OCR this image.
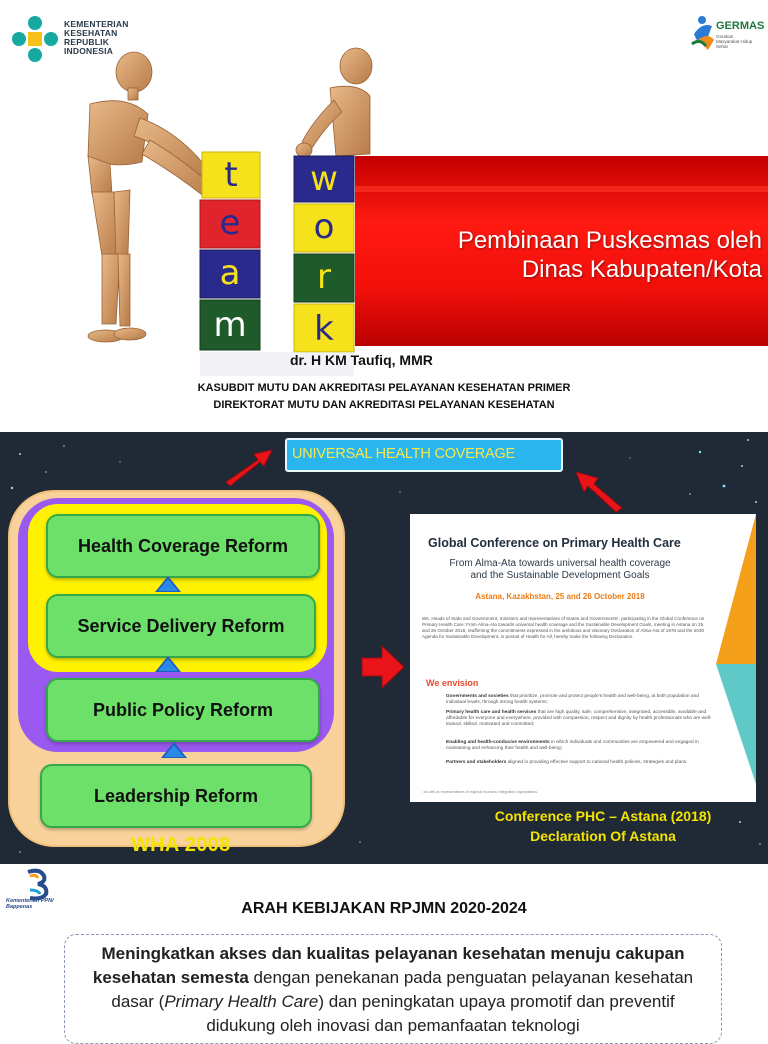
KEMENTERIAN
KESEHATAN
REPUBLIK
INDONESIA
GERMAS
Gerakan Masyarakat Hidup Sehat
t
e
a
m
w
o
r
k
Pembinaan Puskesmas oleh
Dinas Kabupaten/Kota
dr. H KM Taufiq, MMR
KASUBDIT MUTU DAN AKREDITASI PELAYANAN KESEHATAN PRIMER
DIREKTORAT MUTU DAN AKREDITASI PELAYANAN KESEHATAN
UNIVERSAL HEALTH COVERAGE
Health Coverage Reform
Service Delivery Reform
Public Policy Reform
Leadership Reform
WHA 2008
Global Conference on Primary Health Care
From Alma-Ata towards universal health coverage
and the Sustainable Development Goals
Astana, Kazakhstan, 25 and 26 October 2018
We, Heads of State and Government, ministers and representatives of States and Governments¹, participating in the Global Conference on Primary Health Care: From Alma-Ata towards universal health coverage and the Sustainable Development Goals, meeting in Astana on 25 and 26 October 2018, reaffirming the commitments expressed in the ambitious and visionary Declaration of Alma-Ata of 1978 and the 2030 Agenda for Sustainable Development, in pursuit of Health for All, hereby make the following Declaration.
We envision
Governments and societies that prioritize, promote and protect people's health and well-being, at both population and individual levels, through strong health systems;
Primary health care and health services that are high quality, safe, comprehensive, integrated, accessible, available and affordable for everyone and everywhere, provided with compassion, respect and dignity by health professionals who are well-trained, skilled, motivated and committed;
Enabling and health-conducive environments in which individuals and communities are empowered and engaged in maintaining and enhancing their health and well-being;
Partners and stakeholders aligned in providing effective support to national health policies, strategies and plans.
¹ As well as representatives of regional economic integration organizations.
Conference PHC – Astana (2018)
Declaration Of Astana
Kementerian PPN/
Bappenas	ARAH KEBIJAKAN RPJMN 2020-2024
Meningkatkan akses dan kualitas pelayanan kesehatan menuju cakupan kesehatan semesta dengan penekanan pada penguatan pelayanan kesehatan dasar (Primary Health Care) dan peningkatan upaya promotif dan preventif didukung oleh inovasi dan pemanfaatan teknologi
